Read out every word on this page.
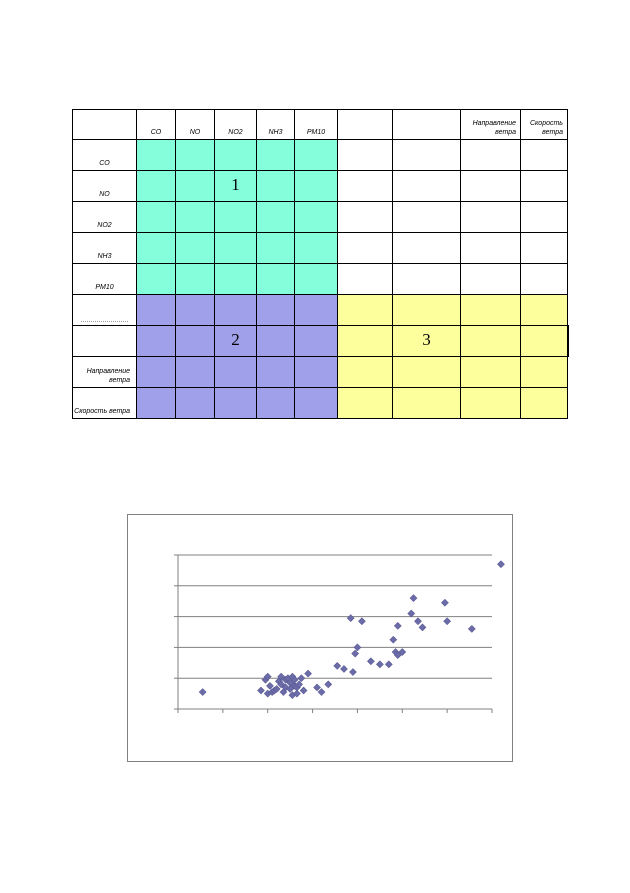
	CO	NO	NO2	NH3	PM10			Направление ветра	Скорость ветра	
CO										
NO			1							

NO2										
NH3										
PM10										

			2				3			

Направление ветра										
Скорость ветра										
